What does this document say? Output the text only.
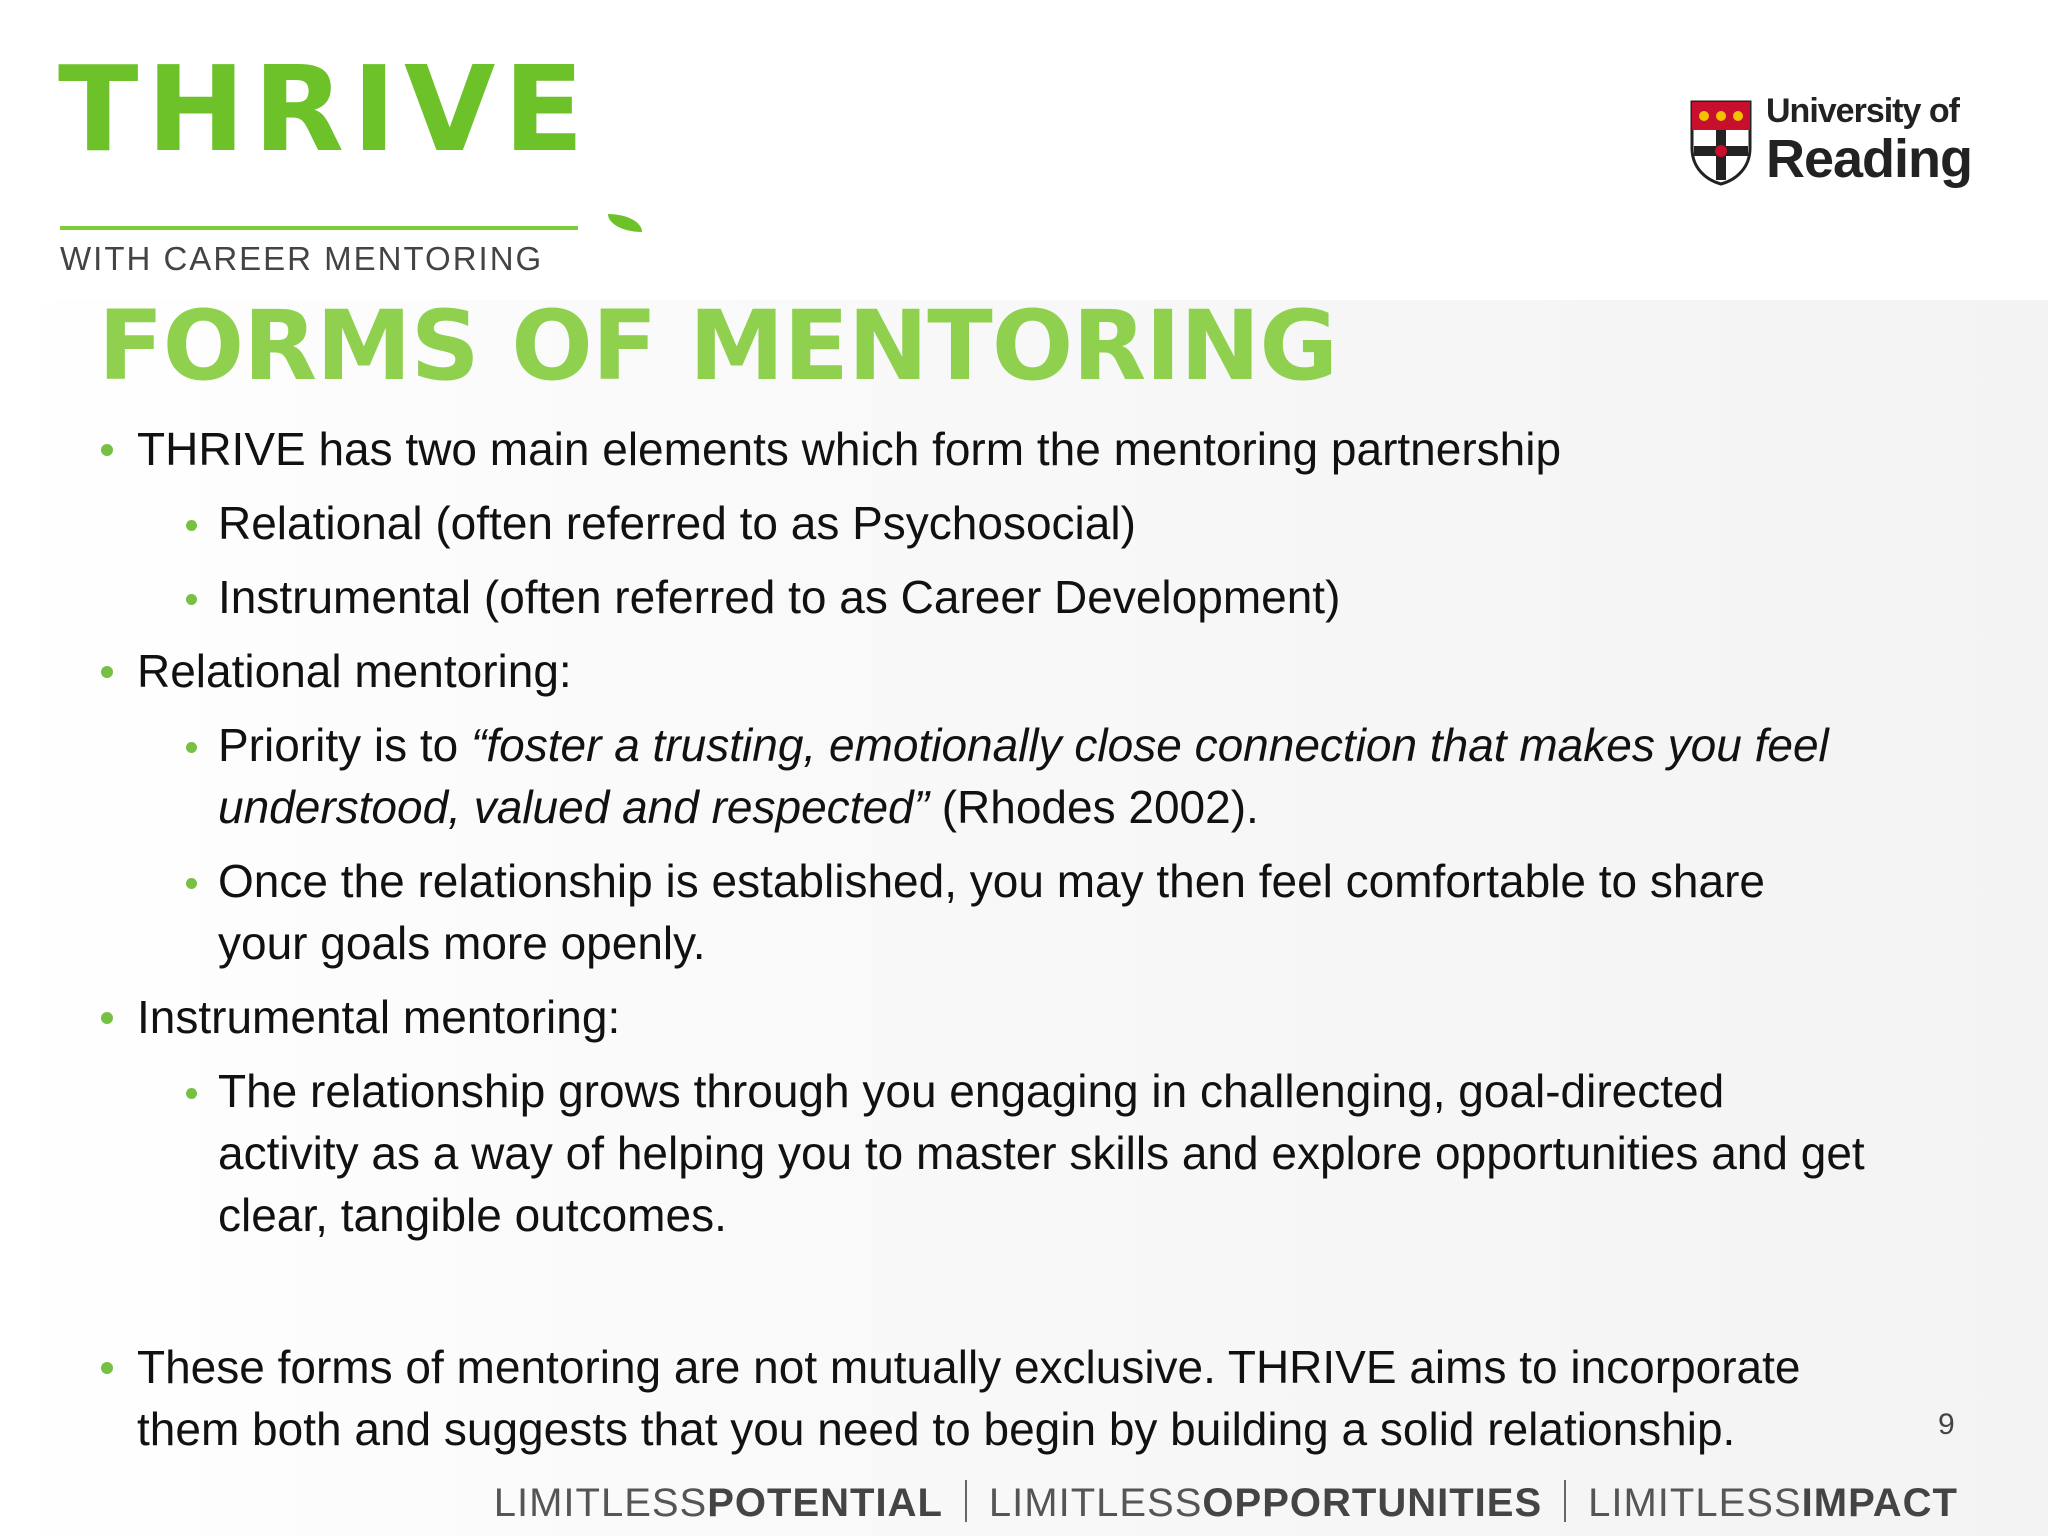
THRIVE
WITH CAREER MENTORING
University of
Reading
FORMS OF MENTORING
THRIVE has two main elements which form the mentoring partnership
Relational (often referred to as Psychosocial)
Instrumental (often referred to as Career Development)
Relational mentoring:
Priority is to “foster a trusting, emotionally close connection that makes you feel
understood, valued and respected” (Rhodes 2002).
Once the relationship is established, you may then feel comfortable to share
your goals more openly.
Instrumental mentoring:
The relationship grows through you engaging in challenging, goal-directed
activity as a way of helping you to master skills and explore opportunities and get
clear, tangible outcomes.
These forms of mentoring are not mutually exclusive. THRIVE aims to incorporate
them both and suggests that you need to begin by building a solid relationship.	9
LIMITLESSPOTENTIAL LIMITLESSOPPORTUNITIES LIMITLESSIMPACT
